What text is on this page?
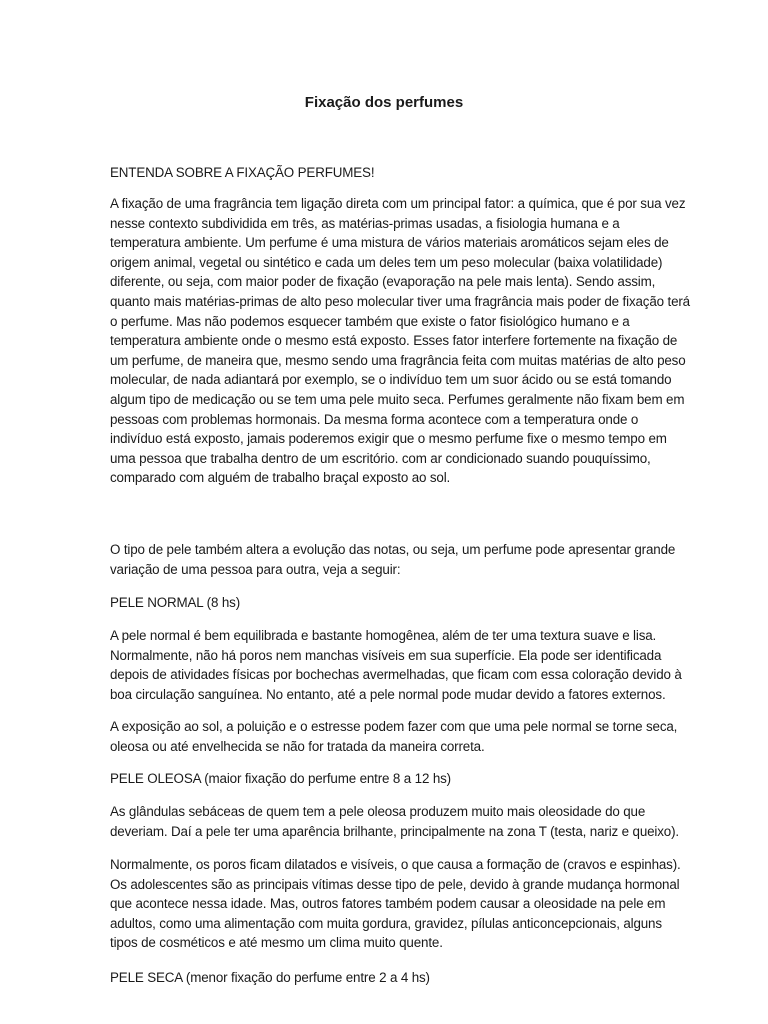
Fixação dos perfumes

ENTENDA SOBRE A FIXAÇÃO PERFUMES!

A fixação de uma fragrância tem ligação direta com um principal fator: a química, que é por sua vez nesse contexto subdividida em três, as matérias-primas usadas, a fisiologia humana e a temperatura ambiente. Um perfume é uma mistura de vários materiais aromáticos sejam eles de origem animal, vegetal ou sintético e cada um deles tem um peso molecular (baixa volatilidade) diferente, ou seja, com maior poder de fixação (evaporação na pele mais lenta). Sendo assim, quanto mais matérias-primas de alto peso molecular tiver uma fragrância mais poder de fixação terá o perfume. Mas não podemos esquecer também que existe o fator fisiológico humano e a temperatura ambiente onde o mesmo está exposto. Esses fator interfere fortemente na fixação de um perfume, de maneira que, mesmo sendo uma fragrância feita com muitas matérias de alto peso molecular, de nada adiantará por exemplo, se o indivíduo tem um suor ácido ou se está tomando algum tipo de medicação ou se tem uma pele muito seca. Perfumes geralmente não fixam bem em pessoas com problemas hormonais. Da mesma forma acontece com a temperatura onde o indivíduo está exposto, jamais poderemos exigir que o mesmo perfume fixe o mesmo tempo em uma pessoa que trabalha dentro de um escritório. com ar condicionado suando pouquíssimo, comparado com alguém de trabalho braçal exposto ao sol.

O tipo de pele também altera a evolução das notas, ou seja, um perfume pode apresentar grande variação de uma pessoa para outra, veja a seguir:

PELE NORMAL (8 hs)

A pele normal é bem equilibrada e bastante homogênea, além de ter uma textura suave e lisa. Normalmente, não há poros nem manchas visíveis em sua superfície. Ela pode ser identificada depois de atividades físicas por bochechas avermelhadas, que ficam com essa coloração devido à boa circulação sanguínea. No entanto, até a pele normal pode mudar devido a fatores externos.

A exposição ao sol, a poluição e o estresse podem fazer com que uma pele normal se torne seca, oleosa ou até envelhecida se não for tratada da maneira correta.

PELE OLEOSA (maior fixação do perfume entre 8 a 12 hs)

As glândulas sebáceas de quem tem a pele oleosa produzem muito mais oleosidade do que deveriam. Daí a pele ter uma aparência brilhante, principalmente na zona T (testa, nariz e queixo).

Normalmente, os poros ficam dilatados e visíveis, o que causa a formação de (cravos e espinhas). Os adolescentes são as principais vítimas desse tipo de pele, devido à grande mudança hormonal que acontece nessa idade. Mas, outros fatores também podem causar a oleosidade na pele em adultos, como uma alimentação com muita gordura, gravidez, pílulas anticoncepcionais, alguns tipos de cosméticos e até mesmo um clima muito quente.

PELE SECA (menor fixação do perfume entre 2 a 4 hs)
